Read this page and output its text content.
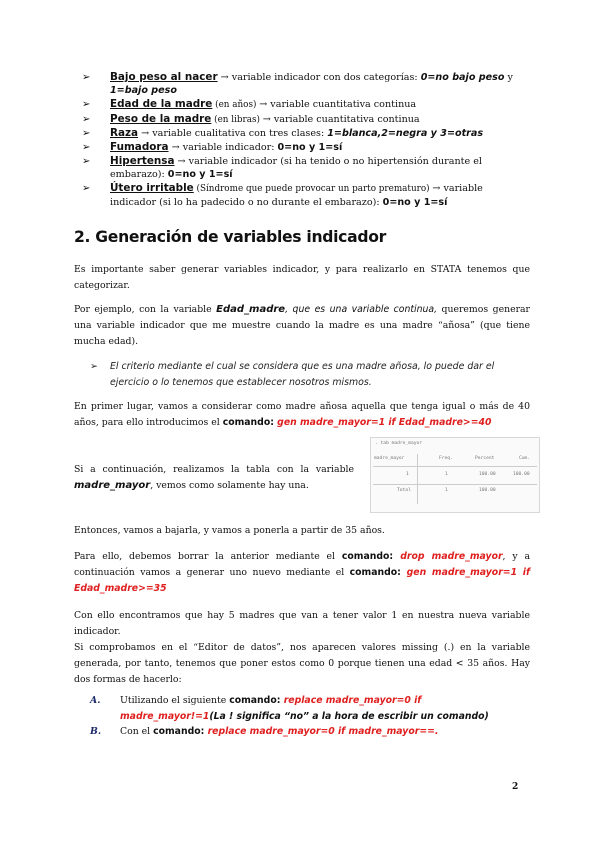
➢ Bajo peso al nacer → variable indicador con dos categorías: 0=no bajo peso y 1=bajo peso
➢ Edad de la madre (en años) → variable cuantitativa continua
➢ Peso de la madre (en libras) → variable cuantitativa continua
➢ Raza → variable cualitativa con tres clases: 1=blanca,2=negra y 3=otras
➢ Fumadora → variable indicador: 0=no y 1=sí
➢ Hipertensa → variable indicador (si ha tenido o no hipertensión durante el embarazo): 0=no y 1=sí
➢ Útero irritable (Síndrome que puede provocar un parto prematuro) → variable indicador (si lo ha padecido o no durante el embarazo): 0=no y 1=sí
2. Generación de variables indicador
Es importante saber generar variables indicador, y para realizarlo en STATA tenemos que categorizar.
Por ejemplo, con la variable Edad_madre, que es una variable continua, queremos generar una variable indicador que me muestre cuando la madre es una madre “añosa” (que tiene mucha edad).
➢	El criterio mediante el cual se considera que es una madre añosa, lo puede dar el ejercicio o lo tenemos que establecer nosotros mismos.
En primer lugar, vamos a considerar como madre añosa aquella que tenga igual o más de 40 años, para ello introducimos el comando: gen madre_mayor=1 if Edad_madre>=40
Si a continuación, realizamos la tabla con la variable madre_mayor, vemos como solamente hay una.
. tab madre_mayor
madre_mayor	Freq.	Percent	Cum.
1	1	100.00	100.00
Total	1	100.00
Entonces, vamos a bajarla, y vamos a ponerla a partir de 35 años.
Para ello, debemos borrar la anterior mediante el comando: drop madre_mayor, y a continuación vamos a generar uno nuevo mediante el comando: gen madre_mayor=1 if Edad_madre>=35
Con ello encontramos que hay 5 madres que van a tener valor 1 en nuestra nueva variable indicador.
Si comprobamos en el “Editor de datos”, nos aparecen valores missing (.) en la variable generada, por tanto, tenemos que poner estos como 0 porque tienen una edad < 35 años. Hay dos formas de hacerlo:
A. Utilizando el siguiente comando: replace madre_mayor=0 if madre_mayor!=1(La ! significa “no” a la hora de escribir un comando)
B. Con el comando: replace madre_mayor=0 if madre_mayor==.
2
